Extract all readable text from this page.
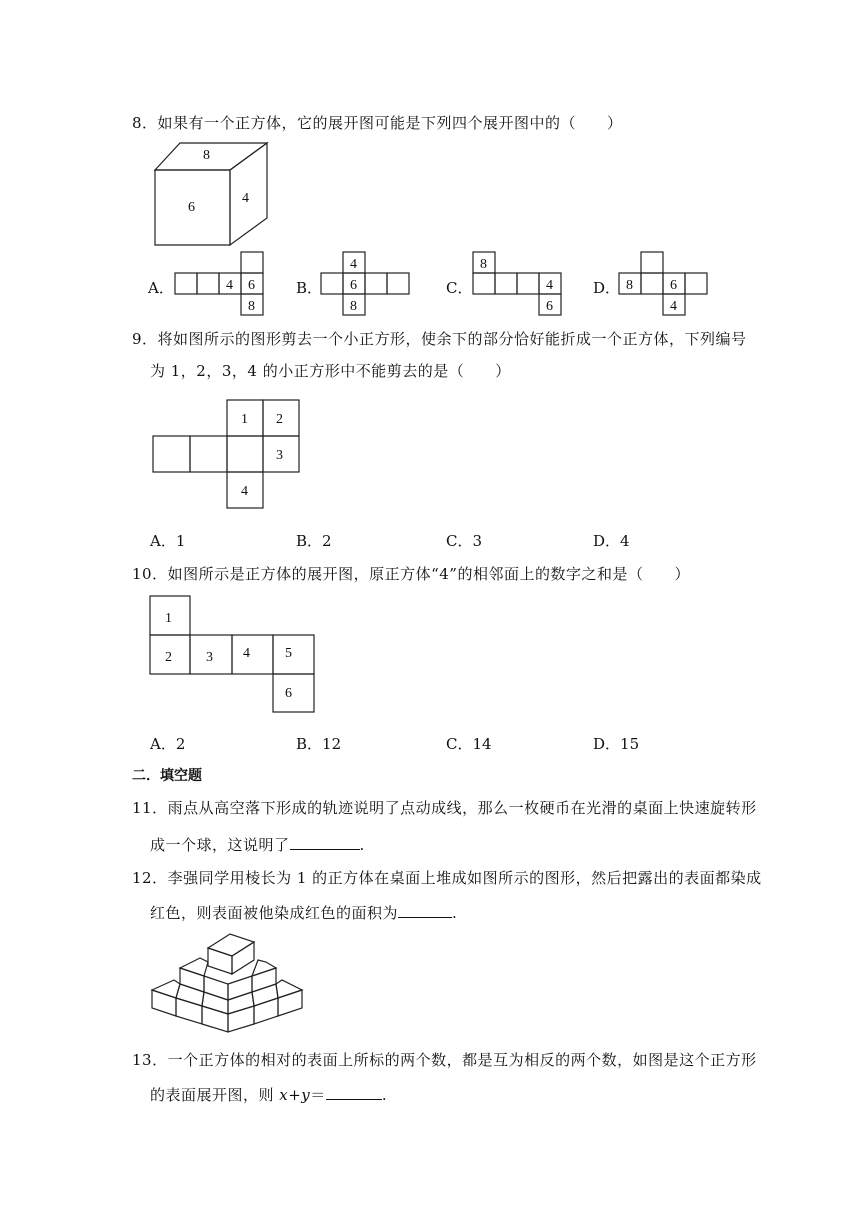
8．如果有一个正方体，它的展开图可能是下列四个展开图中的（　　）
8
6
4
A．	4 6
8
B．
4
6
8
C．
8
4
6
D． 8	6
4
9．将如图所示的图形剪去一个小正方形，使余下的部分恰好能折成一个正方体，下列编号
为 1，2，3，4 的小正方形中不能剪去的是（　　）
1 2
3
4
A．1	B．2	C．3	D．4
10．如图所示是正方体的展开图，原正方体“4”的相邻面上的数字之和是（　　）
1
2 3 4	5
6
A．2	B．12	C．14	D．15
二．填空题
11．雨点从高空落下形成的轨迹说明了点动成线，那么一枚硬币在光滑的桌面上快速旋转形
成一个球，这说明了	.
12．李强同学用棱长为 1 的正方体在桌面上堆成如图所示的图形，然后把露出的表面都染成
红色，则表面被他染成红色的面积为	.
13．一个正方体的相对的表面上所标的两个数，都是互为相反的两个数，如图是这个正方形
的表面展开图，则 x+y＝	.
